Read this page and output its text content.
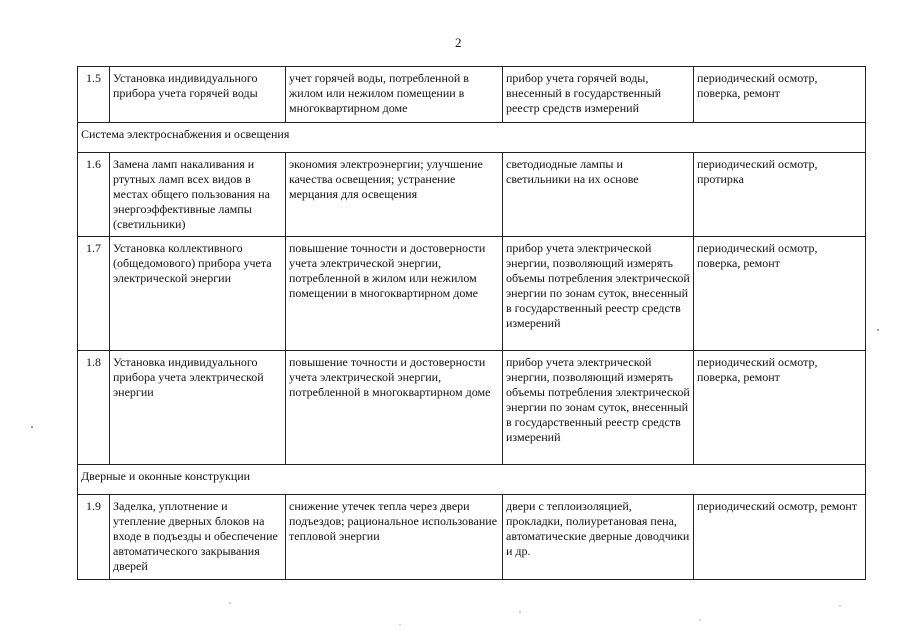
2
1.5	Установка индивидуального прибора учета горячей воды	учет горячей воды, потребленной в жилом или нежилом помещении в многоквартирном доме	прибор учета горячей воды, внесенный в государственный реестр средств измерений	периодический осмотр, поверка, ремонт
Система электроснабжения и освещения				
1.6	Замена ламп накаливания и ртутных ламп всех видов в местах общего пользования на энергоэффективные лампы (светильники)	экономия электроэнергии; улучшение качества освещения; устранение мерцания для освещения	светодиодные лампы и светильники на их основе	периодический осмотр, протирка
1.7	Установка коллективного (общедомового) прибора учета электрической энергии	повышение точности и достоверности учета электрической энергии, потребленной в жилом или нежилом помещении в многоквартирном доме	прибор учета электрической энергии, позволяющий измерять объемы потребления электрической энергии по зонам суток, внесенный в государственный реестр средств измерений	периодический осмотр, поверка, ремонт
1.8	Установка индивидуального прибора учета электрической энергии	повышение точности и достоверности учета электрической энергии, потребленной в многоквартирном доме	прибор учета электрической энергии, позволяющий измерять объемы потребления электрической энергии по зонам суток, внесенный в государственный реестр средств измерений	периодический осмотр, поверка, ремонт
Дверные и оконные конструкции				
1.9	Заделка, уплотнение и утепление дверных блоков на входе в подъезды и обеспечение автоматического закрывания дверей	снижение утечек тепла через двери подъездов; рациональное использование тепловой энергии	двери с теплоизоляцией, прокладки, полиуретановая пена, автоматические дверные доводчики и др.	периодический осмотр, ремонт
